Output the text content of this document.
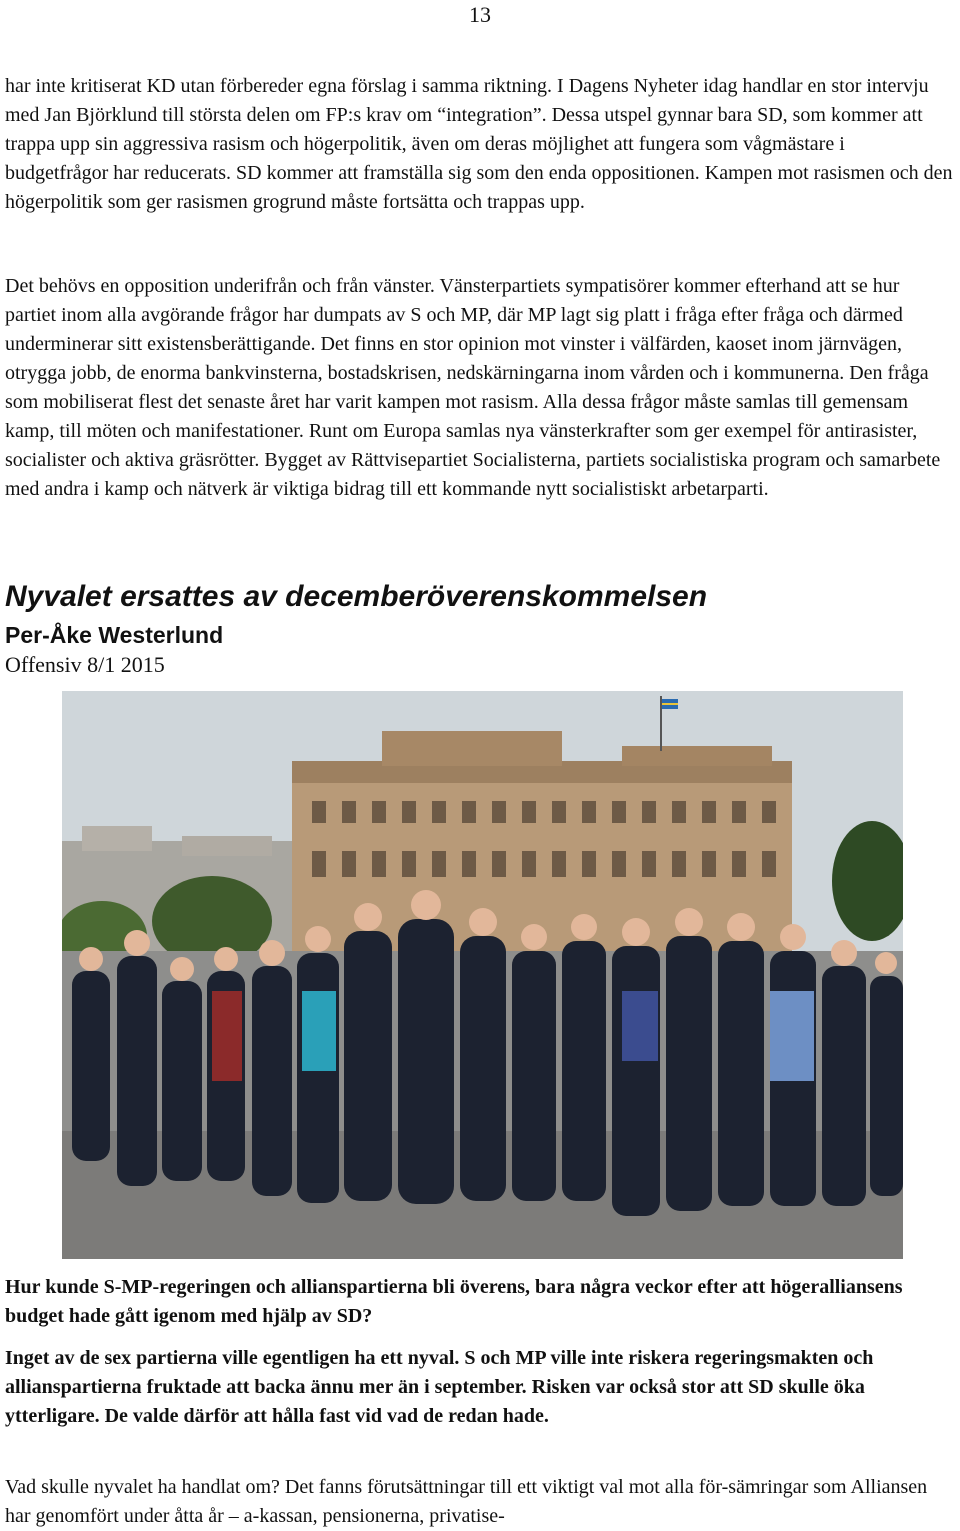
13

har inte kritiserat KD utan förbereder egna förslag i samma riktning. I Dagens Nyheter idag handlar en stor intervju med Jan Björklund till största delen om FP:s krav om “integration”. Dessa utspel gynnar bara SD, som kommer att trappa upp sin aggressiva rasism och högerpolitik, även om deras möjlighet att fungera som vågmästare i budgetfrågor har reducerats. SD kommer att framställa sig som den enda oppositionen. Kampen mot rasismen och den högerpolitik som ger rasismen grogrund måste fortsätta och trappas upp.

Det behövs en opposition underifrån och från vänster. Vänsterpartiets sympatisörer kommer efterhand att se hur partiet inom alla avgörande frågor har dumpats av S och MP, där MP lagt sig platt i fråga efter fråga och därmed underminerar sitt existensberättigande. Det finns en stor opinion mot vinster i välfärden, kaoset inom järnvägen, otrygga jobb, de enorma bankvinsterna, bostadskrisen, nedskärningarna inom vården och i kommunerna. Den fråga som mobiliserat flest det senaste året har varit kampen mot rasism. Alla dessa frågor måste samlas till gemensam kamp, till möten och manifestationer. Runt om Europa samlas nya vänsterkrafter som ger exempel för antirasister, socialister och aktiva gräsrötter. Bygget av Rättvisepartiet Socialisterna, partiets socialistiska program och samarbete med andra i kamp och nätverk är viktiga bidrag till ett kommande nytt socialistiskt arbetarparti.

Nyvalet ersattes av decemberöverenskommelsen
Per-Åke Westerlund
Offensiv 8/1 2015

Hur kunde S-MP-regeringen och allianspartierna bli överens, bara några veckor efter att högeralliansens budget hade gått igenom med hjälp av SD?

Inget av de sex partierna ville egentligen ha ett nyval. S och MP ville inte riskera regeringsmakten och allianspartierna fruktade att backa ännu mer än i september. Risken var också stor att SD skulle öka ytterligare. De valde därför att hålla fast vid vad de redan hade.

Vad skulle nyvalet ha handlat om? Det fanns förutsättningar till ett viktigt val mot alla för-sämringar som Alliansen har genomfört under åtta år – a-kassan, pensionerna, privatise-
